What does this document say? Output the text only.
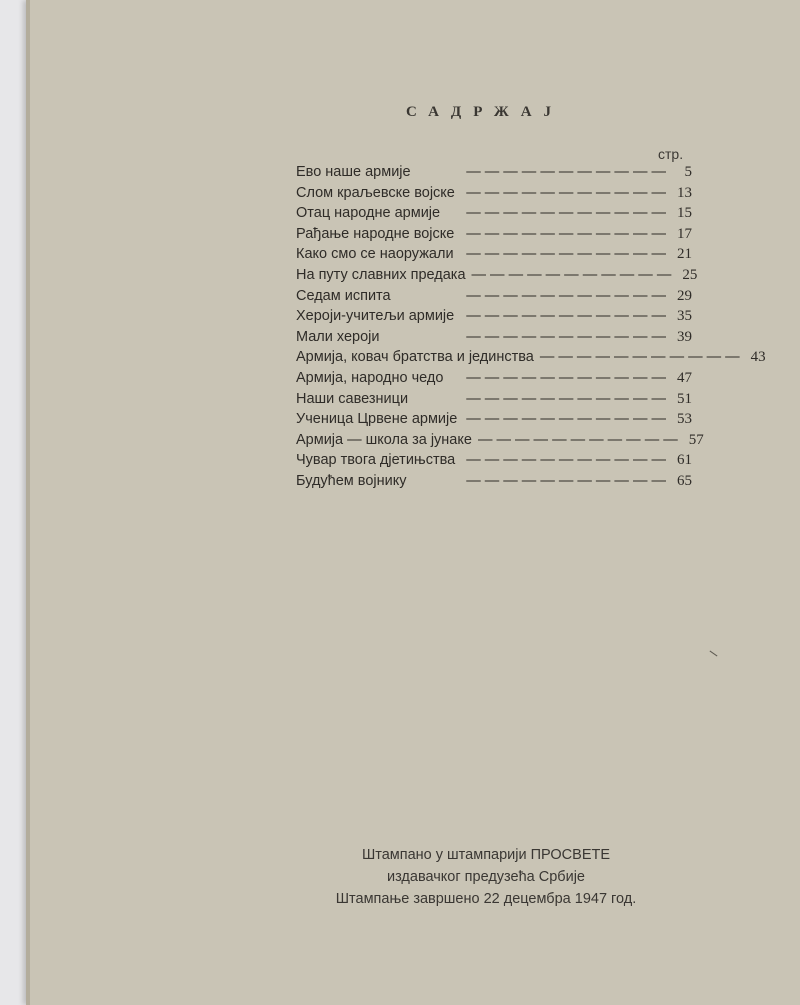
САДРЖАЈ
стр.
Ево наше армије	— — — — — — — — — — —	5
Слом краљевске војске — — — — — — — — — — — 13
Отац народне армије	— — — — — — — — — — — 15
Рађање народне војске — — — — — — — — — — — 17
Како смо се наоружали — — — — — — — — — — — 21
На путу славних предака — — — — — — — — — — — 25
Седам испита	— — — — — — — — — — — 29
Хероји-учитељи армије — — — — — — — — — — — 35
Мали хероји	— — — — — — — — — — — 39
Армија, ковач братства и јединства — — — — — — — — — — — 43
Армија, народно чедо	— — — — — — — — — — — 47
Наши савезници	— — — — — — — — — — — 51
Ученица Црвене армије — — — — — — — — — — — 53
Армија — школа за јунаке — — — — — — — — — — — 57
Чувар твога дјетињства — — — — — — — — — — — 61
Будућем војнику	— — — — — — — — — — — 65
Штампано у штампарији ПРОСВЕТЕ
издавачког предузећа Србије
Штампање завршено 22 децембра 1947 год.
